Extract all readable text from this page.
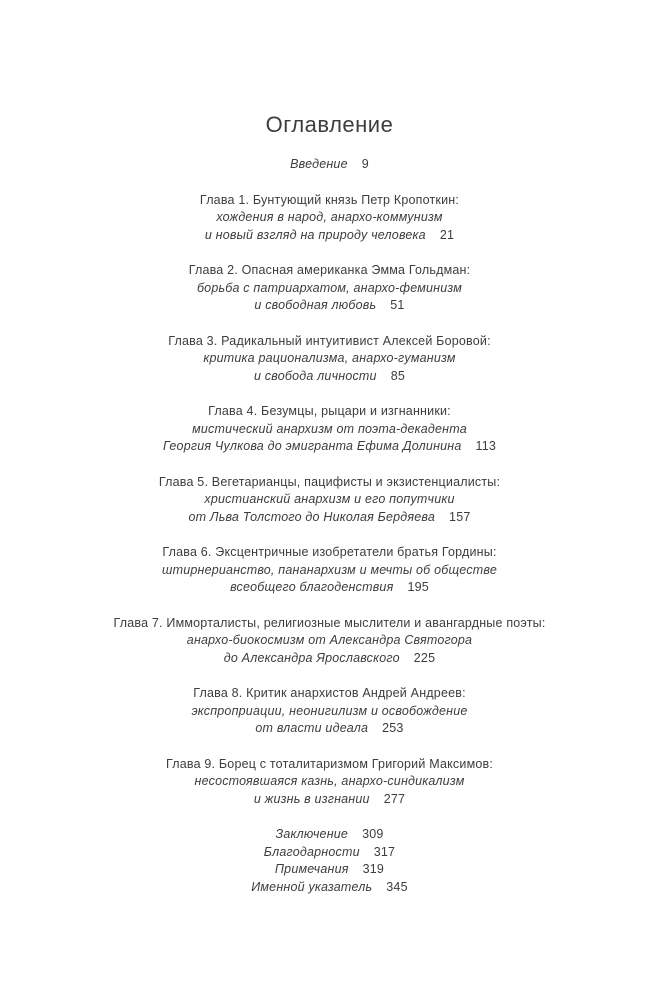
Оглавление
Введение 9
Глава 1. Бунтующий князь Петр Кропоткин:
хождения в народ, анархо-коммунизм
и новый взгляд на природу человека 21
Глава 2. Опасная американка Эмма Гольдман:
борьба с патриархатом, анархо-феминизм
и свободная любовь 51
Глава 3. Радикальный интуитивист Алексей Боровой:
критика рационализма, анархо-гуманизм
и свобода личности 85
Глава 4. Безумцы, рыцари и изгнанники:
мистический анархизм от поэта-декадента
Георгия Чулкова до эмигранта Ефима Долинина 113
Глава 5. Вегетарианцы, пацифисты и экзистенциалисты:
христианский анархизм и его попутчики
от Льва Толстого до Николая Бердяева 157
Глава 6. Эксцентричные изобретатели братья Гордины:
штирнерианство, пананархизм и мечты об обществе
всеобщего благоденствия 195
Глава 7. Имморталисты, религиозные мыслители и авангардные поэты:
анархо-биокосмизм от Александра Святогора
до Александра Ярославского 225
Глава 8. Критик анархистов Андрей Андреев:
экспроприации, неонигилизм и освобождение
от власти идеала 253
Глава 9. Борец с тоталитаризмом Григорий Максимов:
несостоявшаяся казнь, анархо-синдикализм
и жизнь в изгнании 277
Заключение 309
Благодарности 317
Примечания 319
Именной указатель 345
